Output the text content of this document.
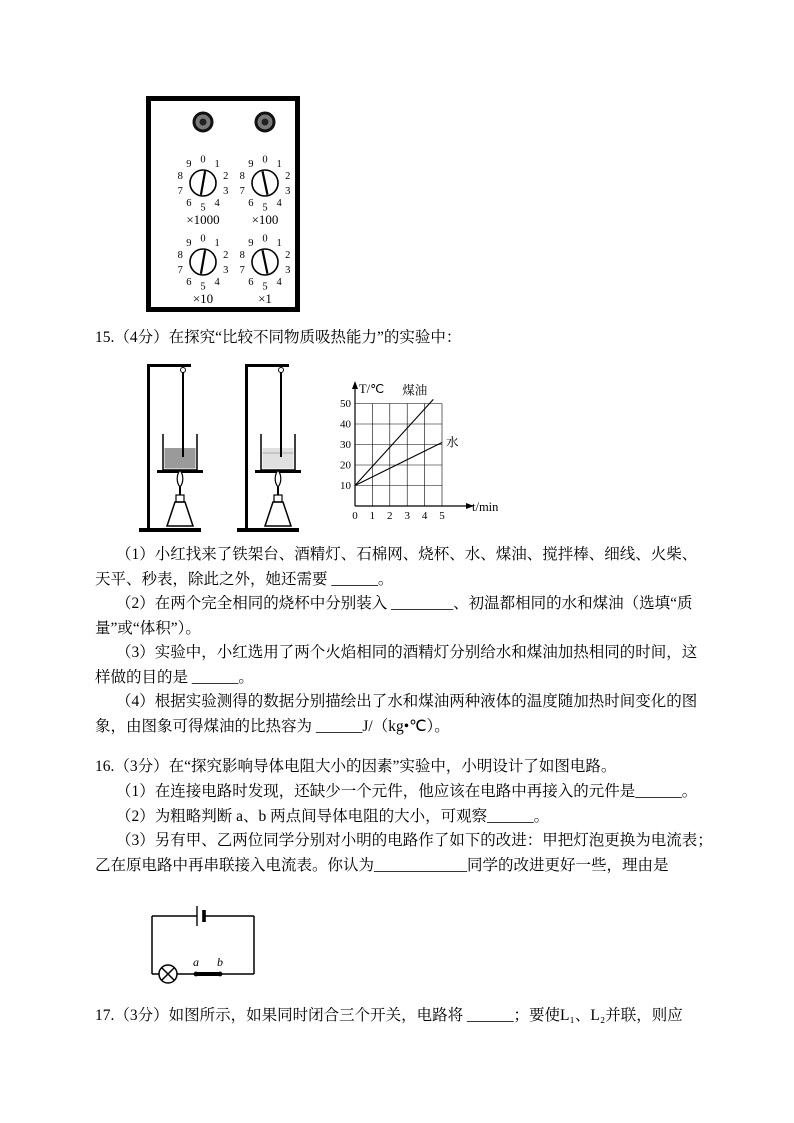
0 1
2
3
4
5
6
7
8
9
×1000
0 1
2
3
4
5
6
7
8
9
×100
0 1
2
3
4
5
6
7
8
9
×10
0 1
2
3
4
5
6
7
8
9
×1
15.（4分）在探究“比较不同物质吸热能力”的实验中：
T/℃
t/min
10
20
30
40
50
0 1 2 3 4 5
煤油
水
（1）小红找来了铁架台、酒精灯、石棉网、烧杯、水、煤油、搅拌棒、细线、火柴、
天平、秒表，除此之外，她还需要 ______。
（2）在两个完全相同的烧杯中分别装入 ________、初温都相同的水和煤油（选填“质
量”或“体积”）。
（3）实验中，小红选用了两个火焰相同的酒精灯分别给水和煤油加热相同的时间，这
样做的目的是 ______。
（4）根据实验测得的数据分别描绘出了水和煤油两种液体的温度随加热时间变化的图
象，由图象可得煤油的比热容为 ______J/（kg•℃）。
16.（3分）在“探究影响导体电阻大小的因素”实验中，小明设计了如图电路。
（1）在连接电路时发现，还缺少一个元件，他应该在电路中再接入的元件是______。
（2）为粗略判断 a、b 两点间导体电阻的大小，可观察______。
（3）另有甲、乙两位同学分别对小明的电路作了如下的改进：甲把灯泡更换为电流表；
乙在原电路中再串联接入电流表。你认为____________同学的改进更好一些，理由是
a b
17.（3分）如图所示，如果同时闭合三个开关，电路将 ______；要使L₁、L₂并联，则应
